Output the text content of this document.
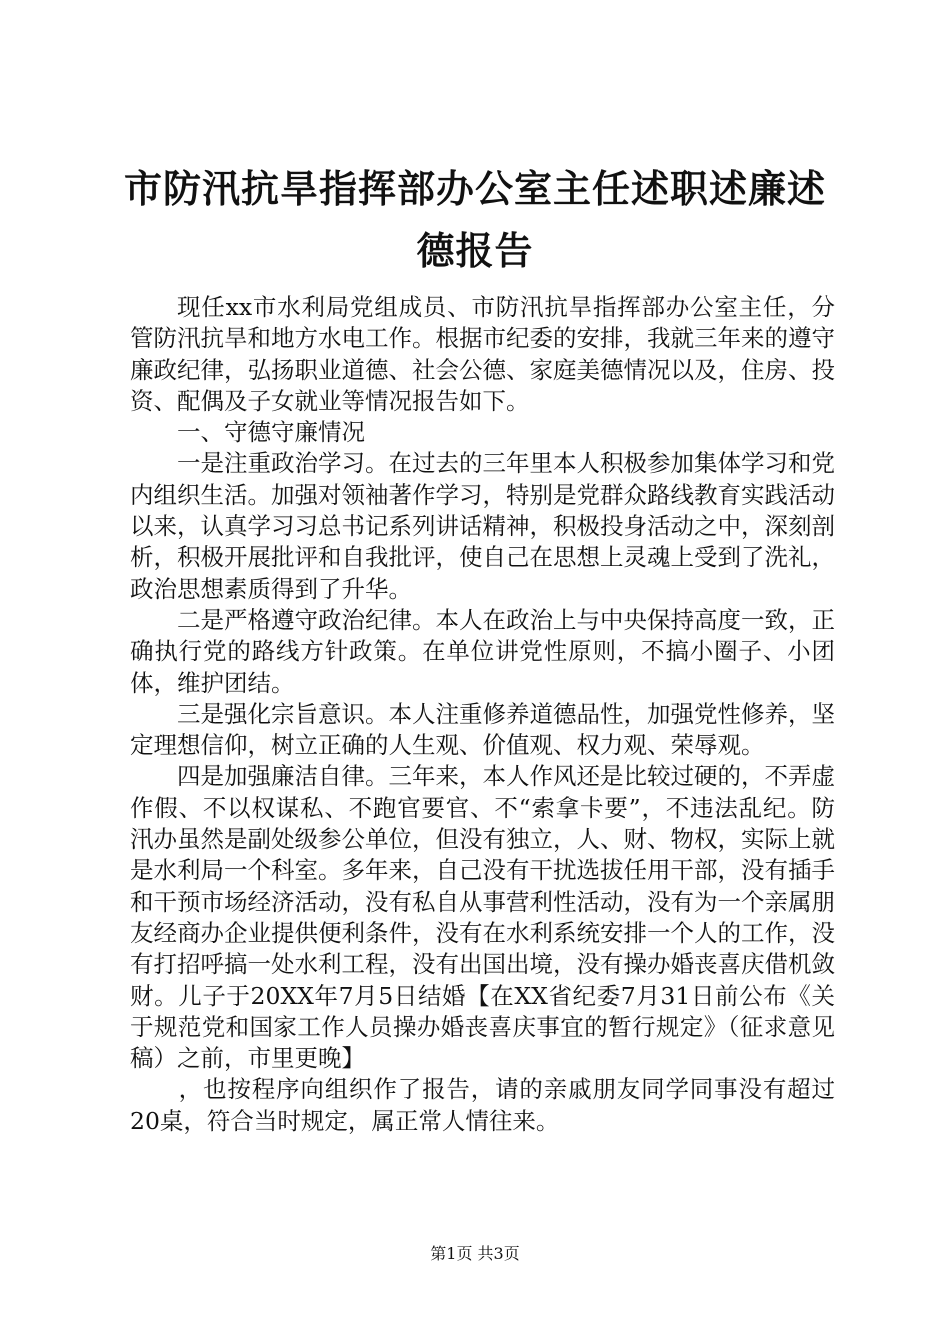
市防汛抗旱指挥部办公室主任述职述廉述德报告

现任xx市水利局党组成员、市防汛抗旱指挥部办公室主任，分管防汛抗旱和地方水电工作。根据市纪委的安排，我就三年来的遵守廉政纪律，弘扬职业道德、社会公德、家庭美德情况以及，住房、投资、配偶及子女就业等情况报告如下。

一、守德守廉情况

一是注重政治学习。在过去的三年里本人积极参加集体学习和党内组织生活。加强对领袖著作学习，特别是党群众路线教育实践活动以来，认真学习习总书记系列讲话精神，积极投身活动之中，深刻剖析，积极开展批评和自我批评，使自己在思想上灵魂上受到了洗礼，政治思想素质得到了升华。

二是严格遵守政治纪律。本人在政治上与中央保持高度一致，正确执行党的路线方针政策。在单位讲党性原则，不搞小圈子、小团体，维护团结。

三是强化宗旨意识。本人注重修养道德品性，加强党性修养，坚定理想信仰，树立正确的人生观、价值观、权力观、荣辱观。

四是加强廉洁自律。三年来，本人作风还是比较过硬的，不弄虚作假、不以权谋私、不跑官要官、不“索拿卡要”，不违法乱纪。防汛办虽然是副处级参公单位，但没有独立，人、财、物权，实际上就是水利局一个科室。多年来，自己没有干扰选拔任用干部，没有插手和干预市场经济活动，没有私自从事营利性活动，没有为一个亲属朋友经商办企业提供便利条件，没有在水利系统安排一个人的工作，没有打招呼搞一处水利工程，没有出国出境，没有操办婚丧喜庆借机敛财。儿子于20XX年7月5日结婚【在XX省纪委7月31日前公布《关于规范党和国家工作人员操办婚丧喜庆事宜的暂行规定》（征求意见稿）之前，市里更晚】

　　，也按程序向组织作了报告，请的亲戚朋友同学同事没有超过20桌，符合当时规定，属正常人情往来。

第1页 共3页
